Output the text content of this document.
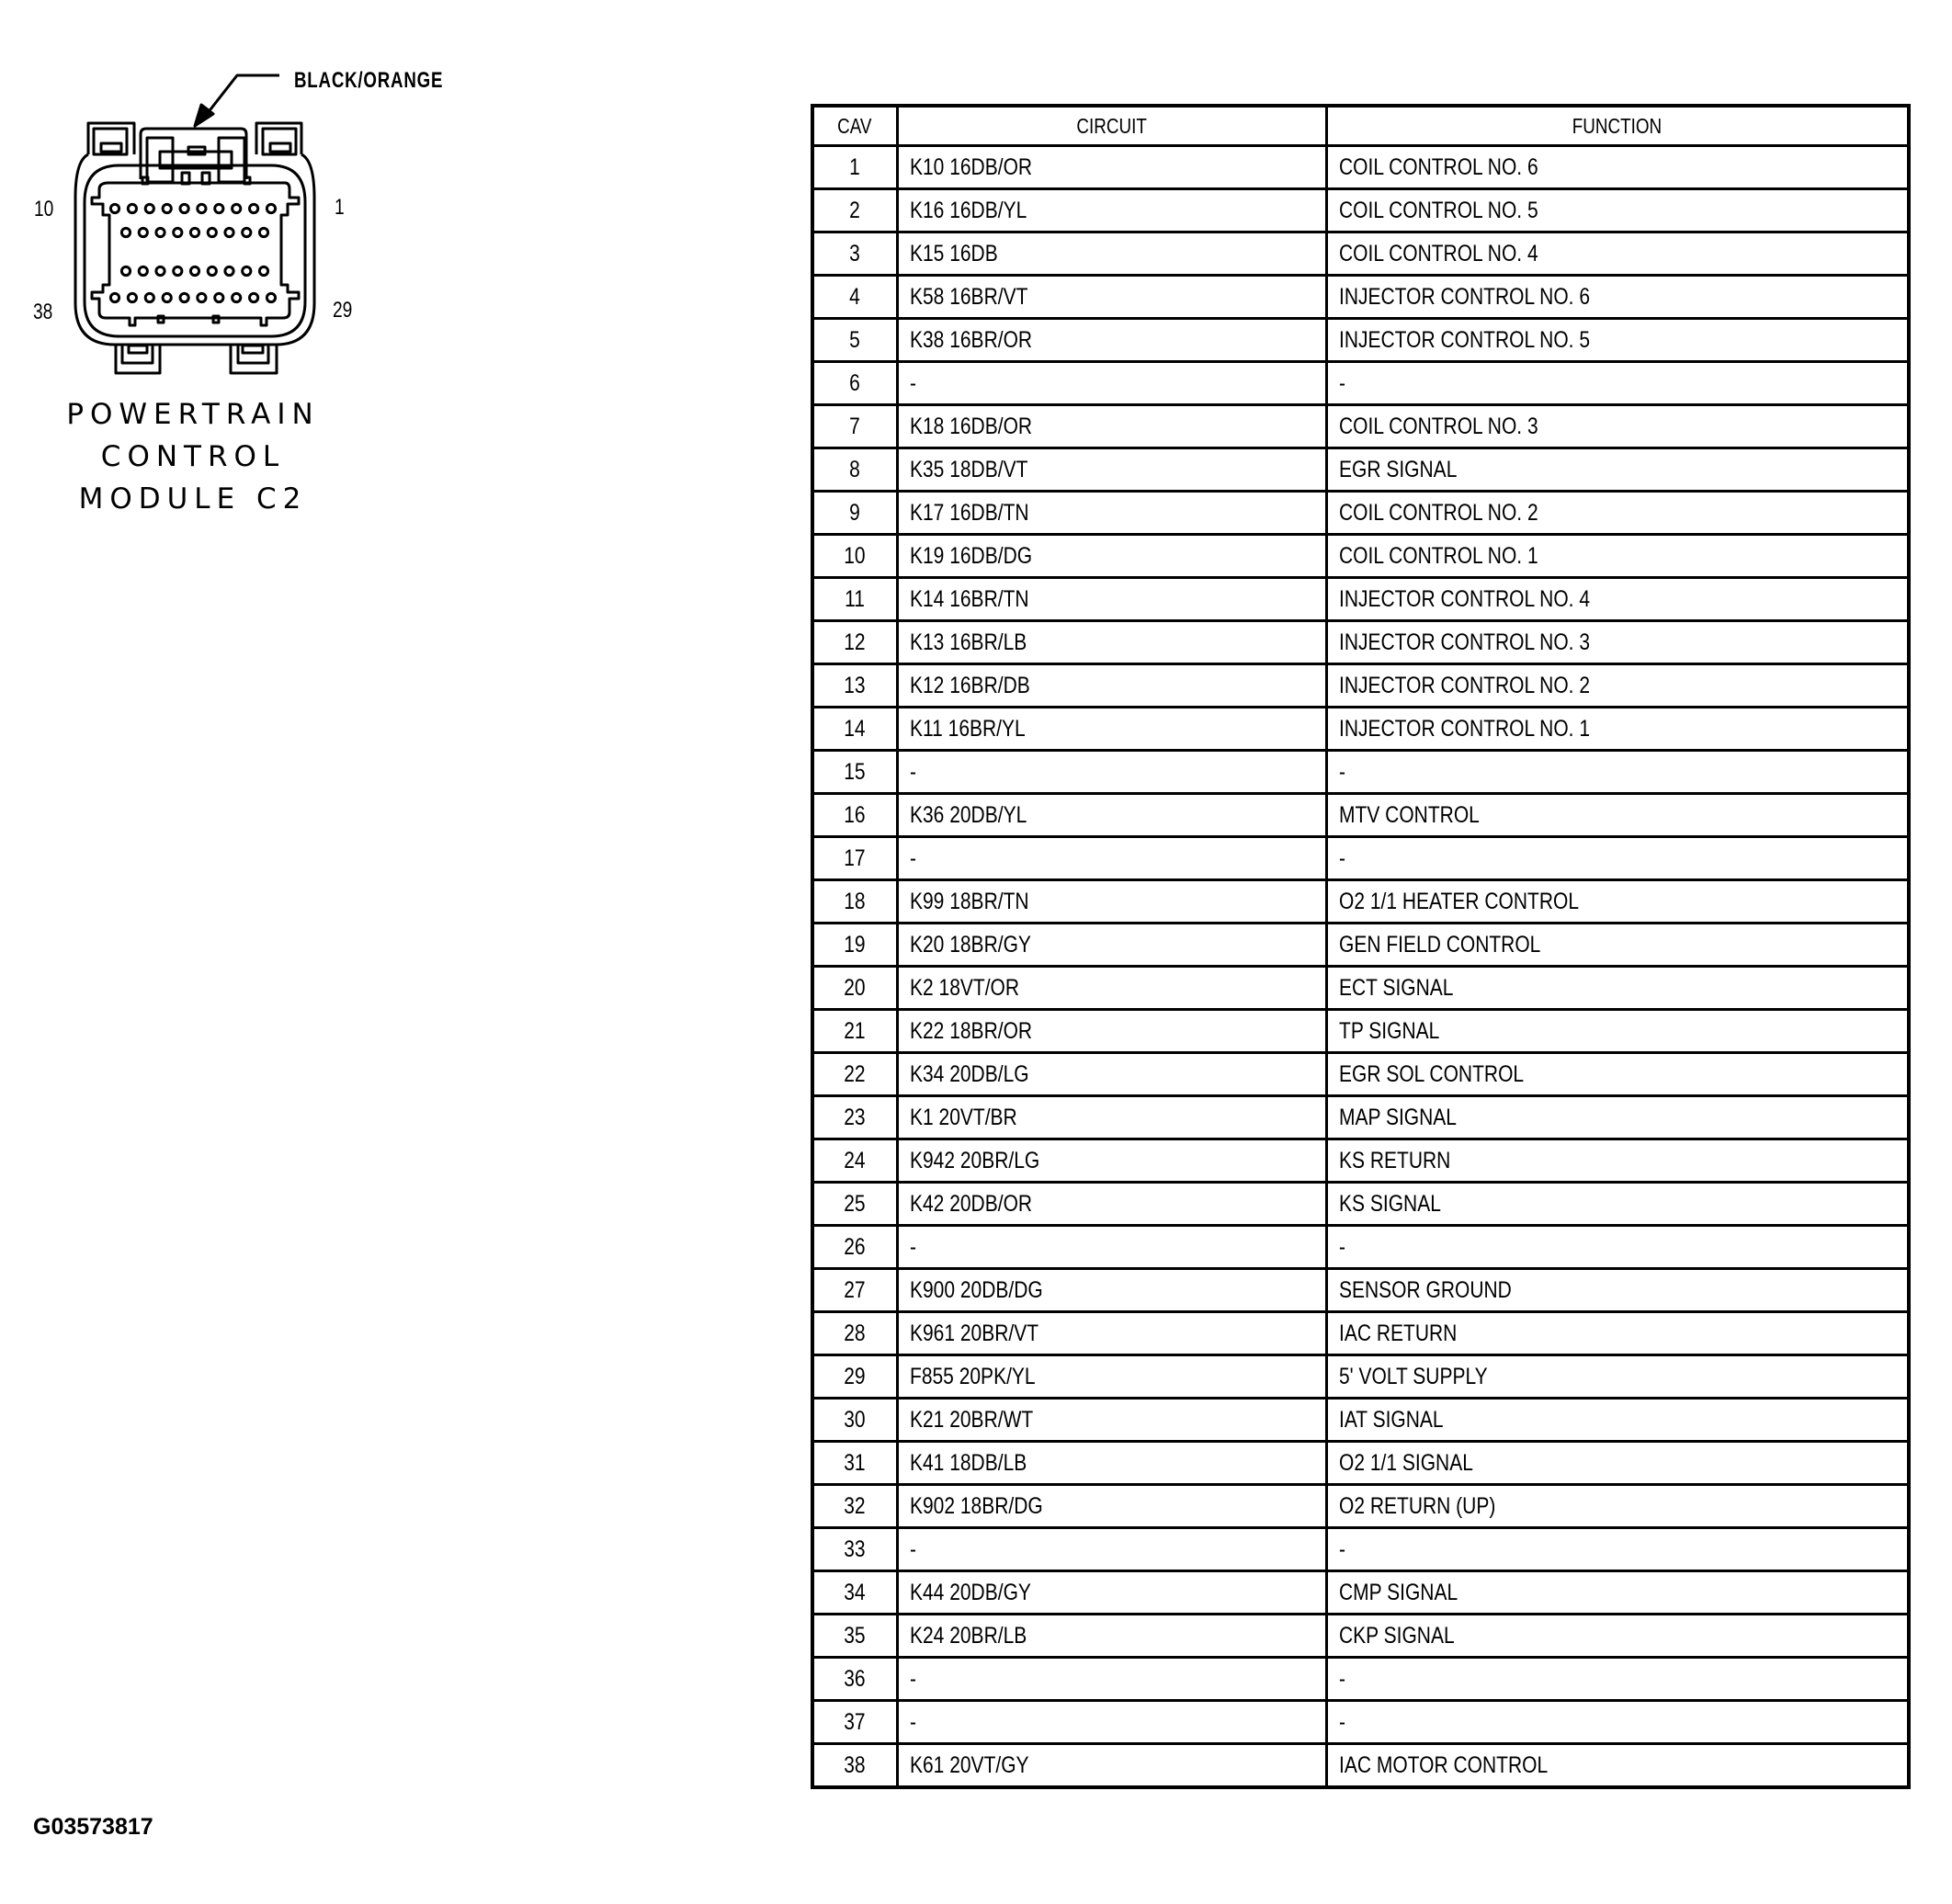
BLACK/ORANGE
10	1
38	29
POWERTRAIN
CONTROL
MODULE C2
G03573817
CAV	CIRCUIT	FUNCTION
1	K10 16DB/OR	COIL CONTROL NO. 6
2	K16 16DB/YL	COIL CONTROL NO. 5
3	K15 16DB	COIL CONTROL NO. 4
4	K58 16BR/VT	INJECTOR CONTROL NO. 6
5	K38 16BR/OR	INJECTOR CONTROL NO. 5
6	-	-
7	K18 16DB/OR	COIL CONTROL NO. 3
8	K35 18DB/VT	EGR SIGNAL
9	K17 16DB/TN	COIL CONTROL NO. 2
10	K19 16DB/DG	COIL CONTROL NO. 1
11	K14 16BR/TN	INJECTOR CONTROL NO. 4
12	K13 16BR/LB	INJECTOR CONTROL NO. 3
13	K12 16BR/DB	INJECTOR CONTROL NO. 2
14	K11 16BR/YL	INJECTOR CONTROL NO. 1
15	-	-
16	K36 20DB/YL	MTV CONTROL
17	-	-
18	K99 18BR/TN	O2 1/1 HEATER CONTROL
19	K20 18BR/GY	GEN FIELD CONTROL
20	K2 18VT/OR	ECT SIGNAL
21	K22 18BR/OR	TP SIGNAL
22	K34 20DB/LG	EGR SOL CONTROL
23	K1 20VT/BR	MAP SIGNAL
24	K942 20BR/LG	KS RETURN
25	K42 20DB/OR	KS SIGNAL
26	-	-
27	K900 20DB/DG	SENSOR GROUND
28	K961 20BR/VT	IAC RETURN
29	F855 20PK/YL	5' VOLT SUPPLY
30	K21 20BR/WT	IAT SIGNAL
31	K41 18DB/LB	O2 1/1 SIGNAL
32	K902 18BR/DG	O2 RETURN (UP)
33	-	-
34	K44 20DB/GY	CMP SIGNAL
35	K24 20BR/LB	CKP SIGNAL
36	-	-
37	-	-
38	K61 20VT/GY	IAC MOTOR CONTROL
